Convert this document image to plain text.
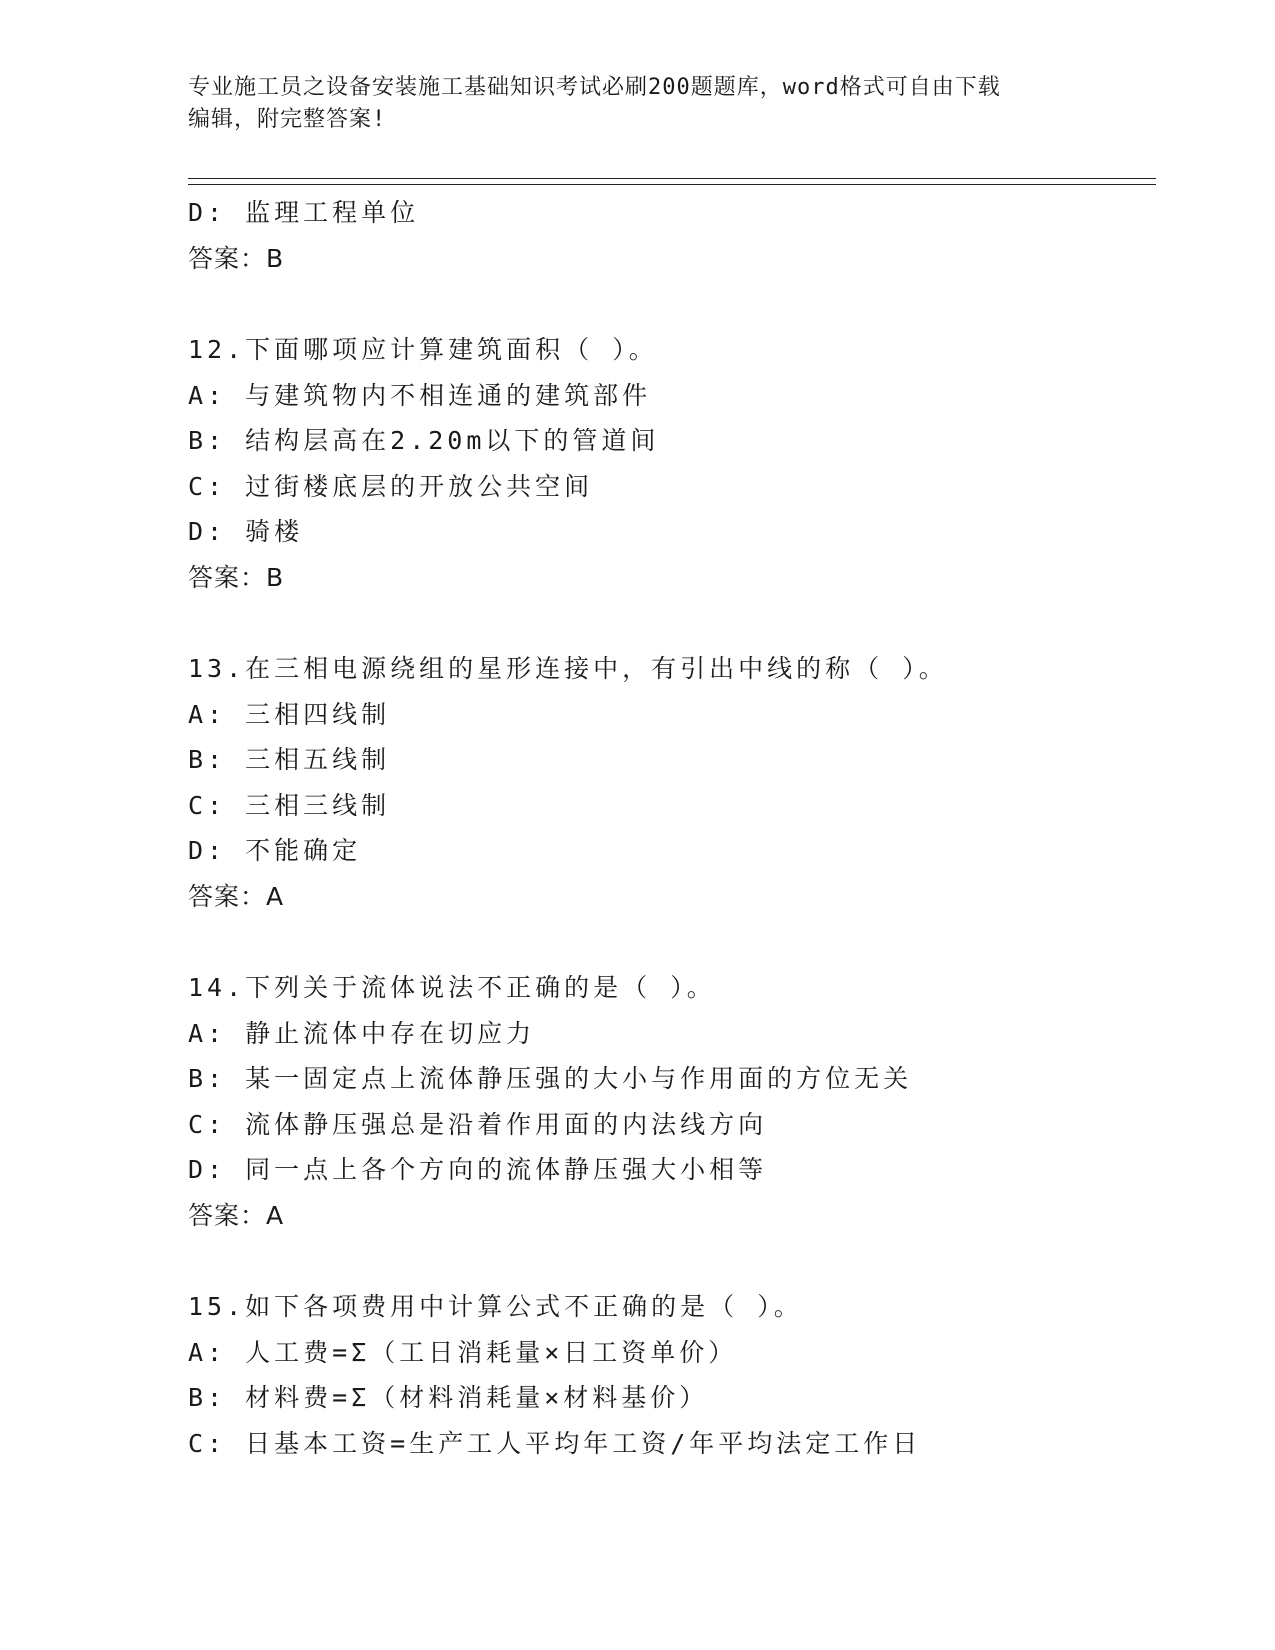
专业施工员之设备安装施工基础知识考试必刷200题题库，word格式可自由下载
编辑，附完整答案!
D: 监理工程单位
答案：B
12.下面哪项应计算建筑面积（ ）。
A: 与建筑物内不相连通的建筑部件
B: 结构层高在2.20m以下的管道间
C: 过街楼底层的开放公共空间
D: 骑楼
答案：B
13.在三相电源绕组的星形连接中，有引出中线的称（ ）。
A: 三相四线制
B: 三相五线制
C: 三相三线制
D: 不能确定
答案：A
14.下列关于流体说法不正确的是（ ）。
A: 静止流体中存在切应力
B: 某一固定点上流体静压强的大小与作用面的方位无关
C: 流体静压强总是沿着作用面的内法线方向
D: 同一点上各个方向的流体静压强大小相等
答案：A
15.如下各项费用中计算公式不正确的是（ ）。
A: 人工费=Σ（工日消耗量×日工资单价）
B: 材料费=Σ（材料消耗量×材料基价）
C: 日基本工资=生产工人平均年工资/年平均法定工作日
